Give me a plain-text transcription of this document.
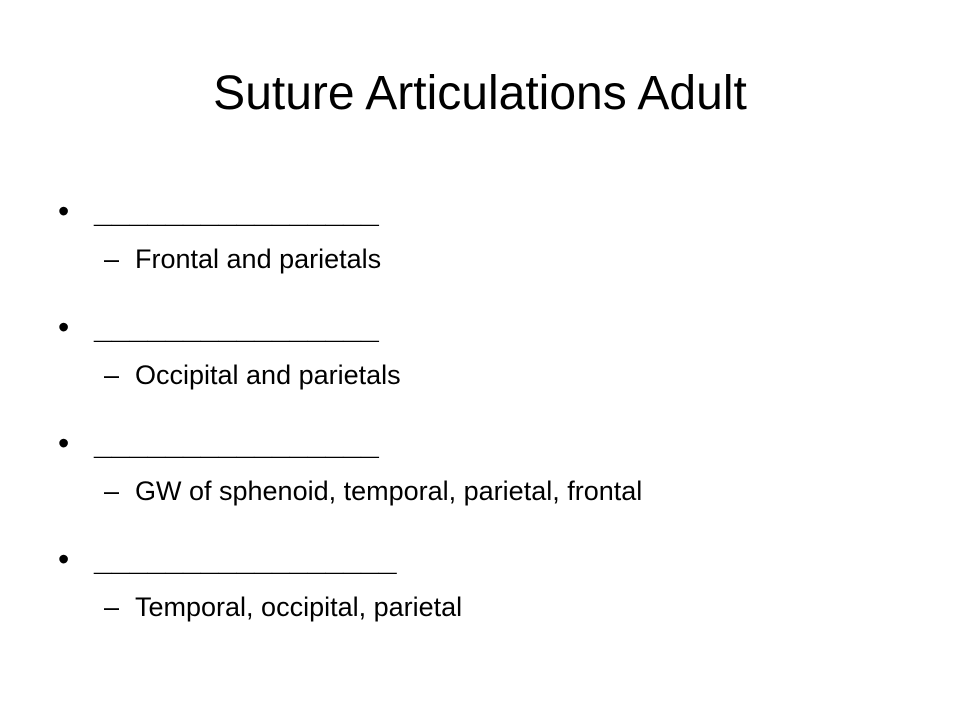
Suture Articulations Adult
• ________________
– Frontal and parietals
• ________________
– Occipital and parietals
• ________________
– GW of sphenoid, temporal, parietal, frontal
• _________________
– Temporal, occipital, parietal
